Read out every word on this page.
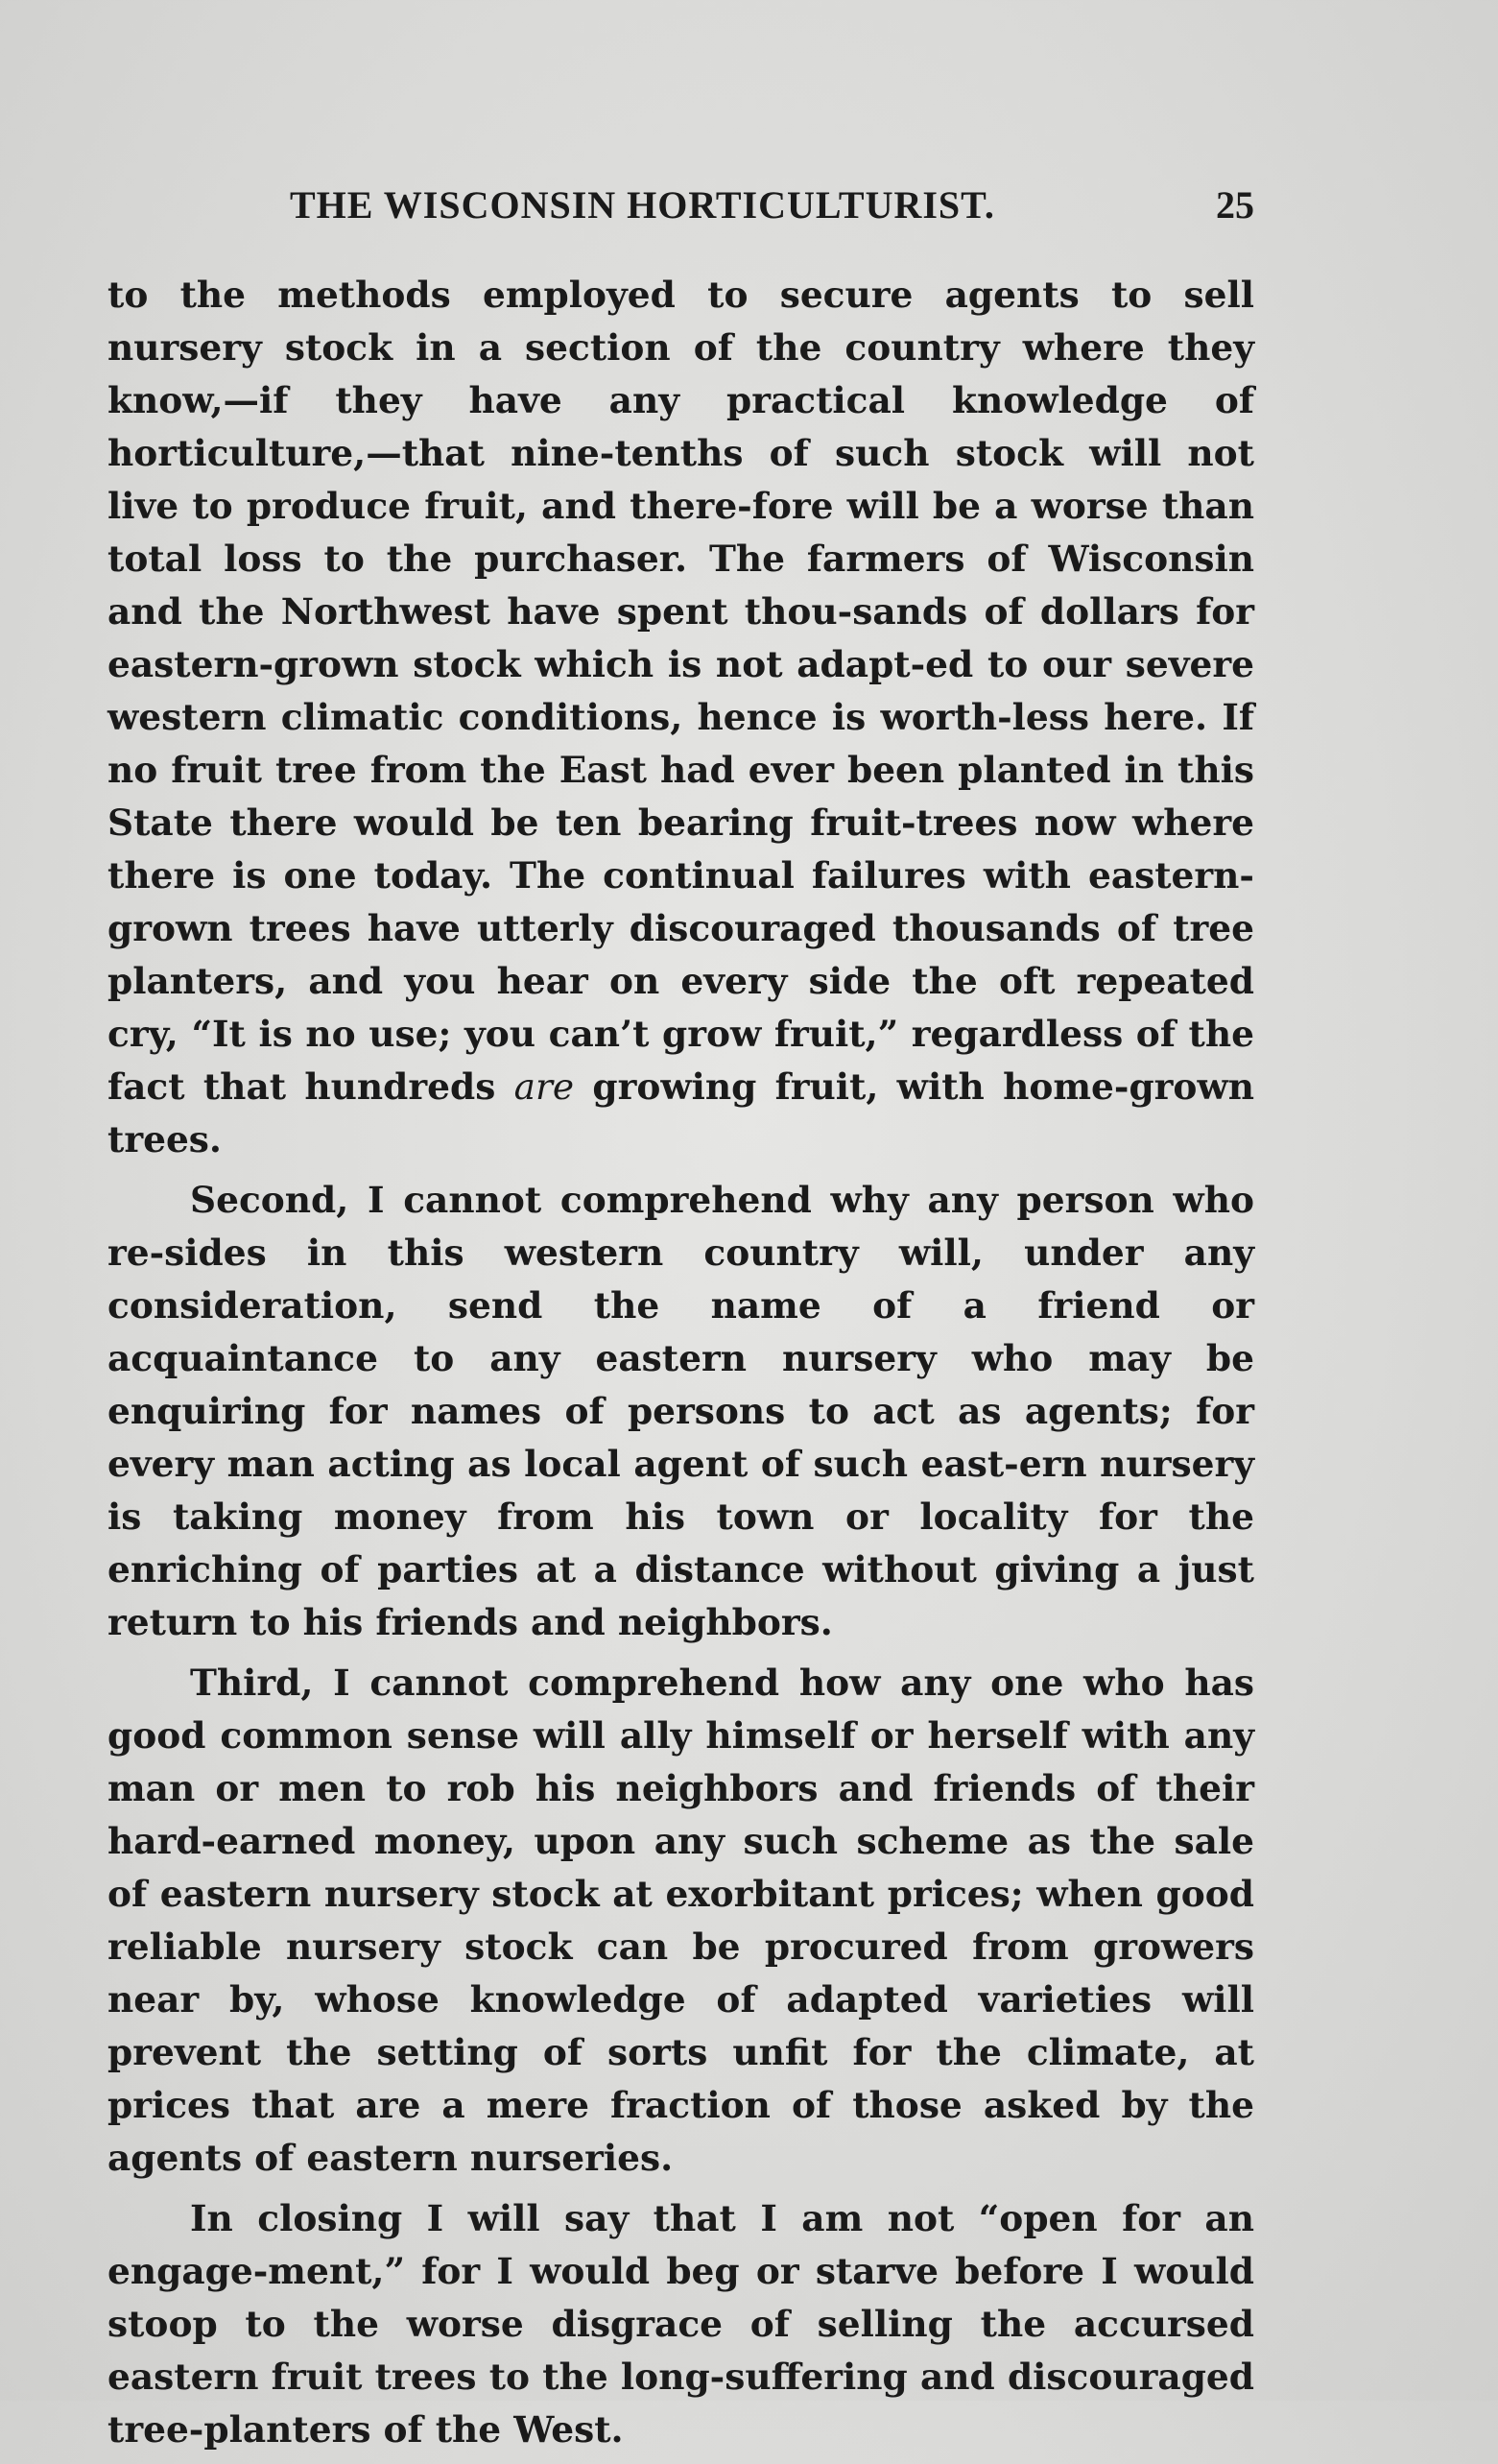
THE WISCONSIN HORTICULTURIST.	25

to the methods employed to secure agents to sell nursery stock in a section of the country where they know,—if they have any practical knowledge of horticulture,—that nine-tenths of such stock will not live to produce fruit, and there-fore will be a worse than total loss to the purchaser. The farmers of Wisconsin and the Northwest have spent thou-sands of dollars for eastern-grown stock which is not adapt-ed to our severe western climatic conditions, hence is worth-less here. If no fruit tree from the East had ever been planted in this State there would be ten bearing fruit-trees now where there is one today. The continual failures with eastern-grown trees have utterly discouraged thousands of tree planters, and you hear on every side the oft repeated cry, “It is no use; you can’t grow fruit,” regardless of the fact that hundreds are growing fruit, with home-grown trees.

Second, I cannot comprehend why any person who re-sides in this western country will, under any consideration, send the name of a friend or acquaintance to any eastern nursery who may be enquiring for names of persons to act as agents; for every man acting as local agent of such east-ern nursery is taking money from his town or locality for the enriching of parties at a distance without giving a just return to his friends and neighbors.

Third, I cannot comprehend how any one who has good common sense will ally himself or herself with any man or men to rob his neighbors and friends of their hard-earned money, upon any such scheme as the sale of eastern nursery stock at exorbitant prices; when good reliable nursery stock can be procured from growers near by, whose knowledge of adapted varieties will prevent the setting of sorts unfit for the climate, at prices that are a mere fraction of those asked by the agents of eastern nurseries.

In closing I will say that I am not “open for an engage-ment,” for I would beg or starve before I would stoop to the worse disgrace of selling the accursed eastern fruit trees to the long-suffering and discouraged tree-planters of the West.
